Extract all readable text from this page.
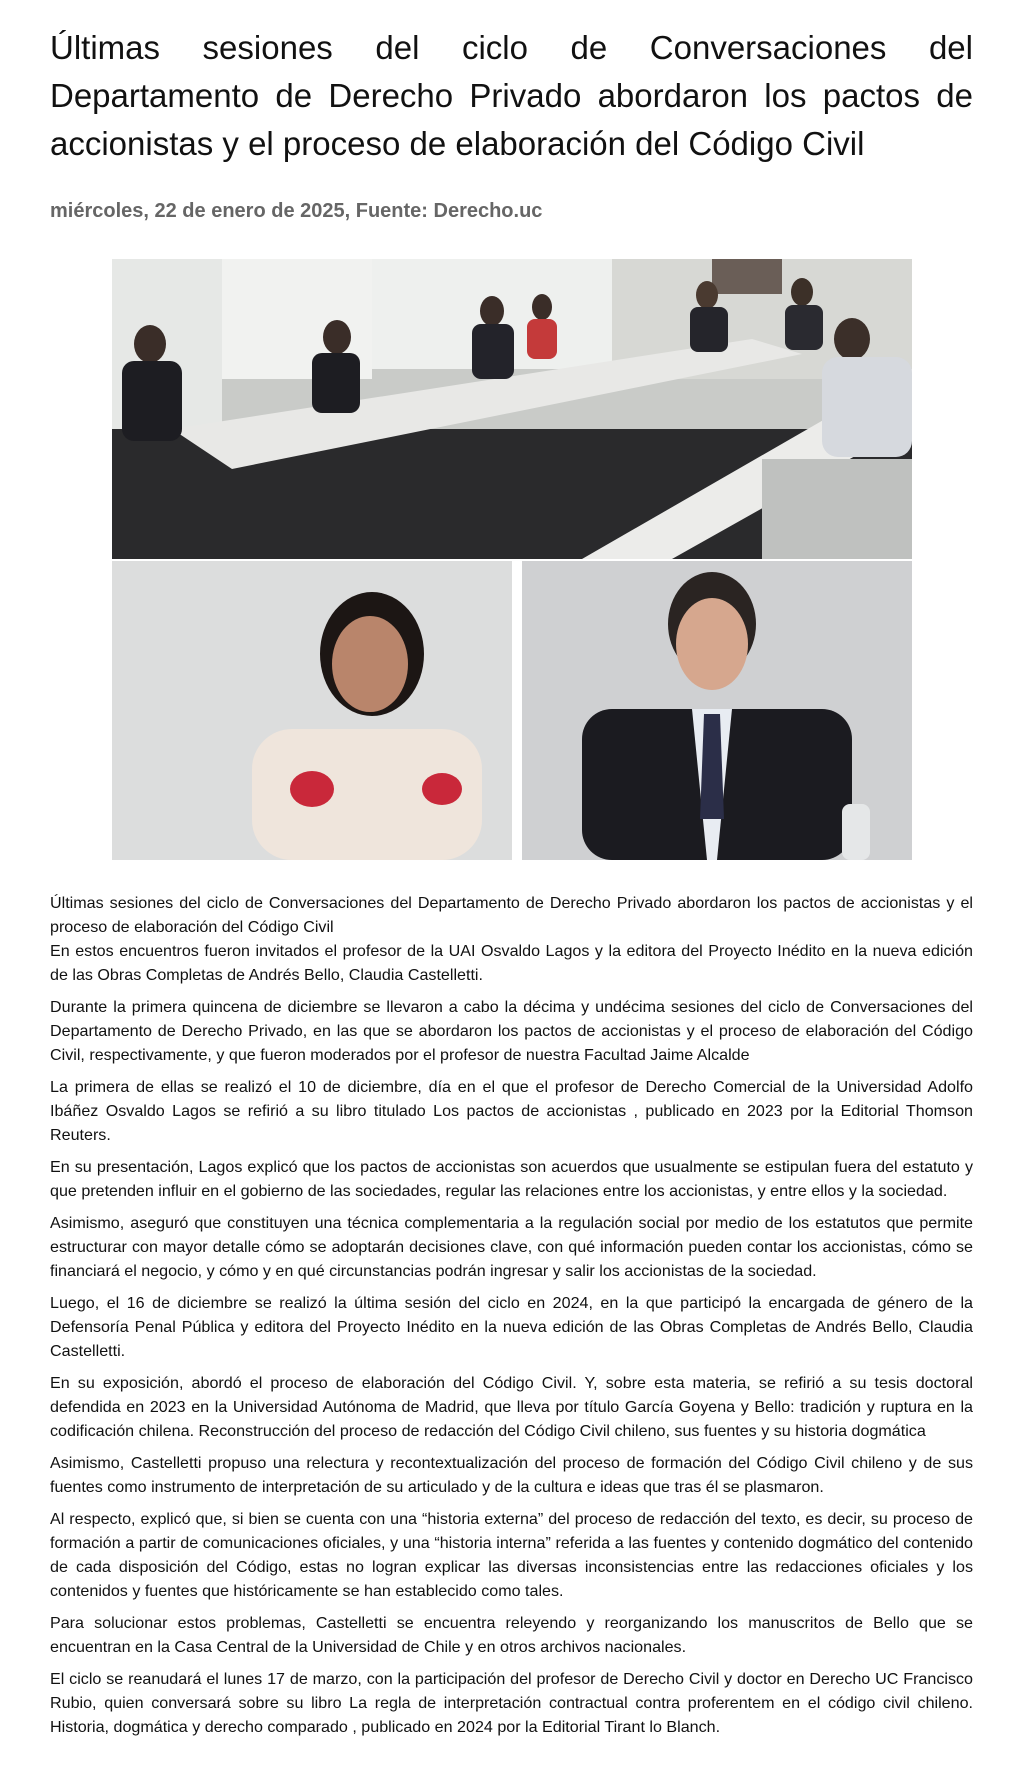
Últimas sesiones del ciclo de Conversaciones del Departamento de Derecho Privado abordaron los pactos de accionistas y el proceso de elaboración del Código Civil
miércoles, 22 de enero de 2025, Fuente: Derecho.uc

Últimas sesiones del ciclo de Conversaciones del Departamento de Derecho Privado abordaron los pactos de accionistas y el proceso de elaboración del Código Civil

En estos encuentros fueron invitados el profesor de la UAI Osvaldo Lagos y la editora del Proyecto Inédito en la nueva edición de las Obras Completas de Andrés Bello, Claudia Castelletti.

Durante la primera quincena de diciembre se llevaron a cabo la décima y undécima sesiones del ciclo de Conversaciones del Departamento de Derecho Privado, en las que se abordaron los pactos de accionistas y el proceso de elaboración del Código Civil, respectivamente, y que fueron moderados por el profesor de nuestra Facultad Jaime Alcalde

La primera de ellas se realizó el 10 de diciembre, día en el que el profesor de Derecho Comercial de la Universidad Adolfo Ibáñez Osvaldo Lagos se refirió a su libro titulado Los pactos de accionistas , publicado en 2023 por la Editorial Thomson Reuters.

En su presentación, Lagos explicó que los pactos de accionistas son acuerdos que usualmente se estipulan fuera del estatuto y que pretenden influir en el gobierno de las sociedades, regular las relaciones entre los accionistas, y entre ellos y la sociedad.

Asimismo, aseguró que constituyen una técnica complementaria a la regulación social por medio de los estatutos que permite estructurar con mayor detalle cómo se adoptarán decisiones clave, con qué información pueden contar los accionistas, cómo se financiará el negocio, y cómo y en qué circunstancias podrán ingresar y salir los accionistas de la sociedad.

Luego, el 16 de diciembre se realizó la última sesión del ciclo en 2024, en la que participó la encargada de género de la Defensoría Penal Pública y editora del Proyecto Inédito en la nueva edición de las Obras Completas de Andrés Bello, Claudia Castelletti.

En su exposición, abordó el proceso de elaboración del Código Civil. Y, sobre esta materia, se refirió a su tesis doctoral defendida en 2023 en la Universidad Autónoma de Madrid, que lleva por título García Goyena y Bello: tradición y ruptura en la codificación chilena. Reconstrucción del proceso de redacción del Código Civil chileno, sus fuentes y su historia dogmática

Asimismo, Castelletti propuso una relectura y recontextualización del proceso de formación del Código Civil chileno y de sus fuentes como instrumento de interpretación de su articulado y de la cultura e ideas que tras él se plasmaron.

Al respecto, explicó que, si bien se cuenta con una “historia externa” del proceso de redacción del texto, es decir, su proceso de formación a partir de comunicaciones oficiales, y una “historia interna” referida a las fuentes y contenido dogmático del contenido de cada disposición del Código, estas no logran explicar las diversas inconsistencias entre las redacciones oficiales y los contenidos y fuentes que históricamente se han establecido como tales.

Para solucionar estos problemas, Castelletti se encuentra releyendo y reorganizando los manuscritos de Bello que se encuentran en la Casa Central de la Universidad de Chile y en otros archivos nacionales.

El ciclo se reanudará el lunes 17 de marzo, con la participación del profesor de Derecho Civil y doctor en Derecho UC Francisco Rubio, quien conversará sobre su libro La regla de interpretación contractual contra proferentem en el código civil chileno. Historia, dogmática y derecho comparado , publicado en 2024 por la Editorial Tirant lo Blanch.
